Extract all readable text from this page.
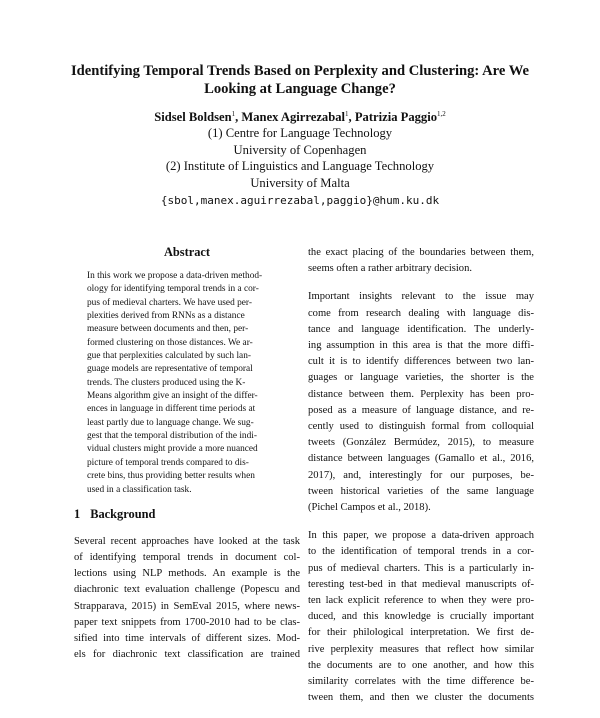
Identifying Temporal Trends Based on Perplexity and Clustering: Are We
Looking at Language Change?
Sidsel Boldsen$^1$, Manex Agirrezabal$^1$, Patrizia Paggio$^{1,2}$
(1) Centre for Language Technology
University of Copenhagen
(2) Institute of Linguistics and Language Technology
University of Malta
{sbol,manex.aguirrezabal,paggio}@hum.ku.dk
Abstract
In this work we propose a data-driven method-
ology for identifying temporal trends in a cor-
pus of medieval charters. We have used per-
plexities derived from RNNs as a distance
measure between documents and then, per-
formed clustering on those distances. We ar-
gue that perplexities calculated by such lan-
guage models are representative of temporal
trends. The clusters produced using the K-
Means algorithm give an insight of the differ-
ences in language in different time periods at
least partly due to language change. We sug-
gest that the temporal distribution of the indi-
vidual clusters might provide a more nuanced
picture of temporal trends compared to dis-
crete bins, thus providing better results when
used in a classification task.
1 Background
Several recent approaches have looked at the task
of identifying temporal trends in document col-
lections using NLP methods. An example is the
diachronic text evaluation challenge (Popescu and
Strapparava, 2015) in SemEval 2015, where news-
paper text snippets from 1700-2010 had to be clas-
sified into time intervals of different sizes. Mod-
els for diachronic text classification are trained
the exact placing of the boundaries between them,
seems often a rather arbitrary decision.
Important insights relevant to the issue may
come from research dealing with language dis-
tance and language identification. The underly-
ing assumption in this area is that the more diffi-
cult it is to identify differences between two lan-
guages or language varieties, the shorter is the
distance between them. Perplexity has been pro-
posed as a measure of language distance, and re-
cently used to distinguish formal from colloquial
tweets (González Bermúdez, 2015), to measure
distance between languages (Gamallo et al., 2016,
2017), and, interestingly for our purposes, be-
tween historical varieties of the same language
(Pichel Campos et al., 2018).
In this paper, we propose a data-driven approach
to the identification of temporal trends in a cor-
pus of medieval charters. This is a particularly in-
teresting test-bed in that medieval manuscripts of-
ten lack explicit reference to when they were pro-
duced, and this knowledge is crucially important
for their philological interpretation. We first de-
rive perplexity measures that reflect how similar
the documents are to one another, and how this
similarity correlates with the time difference be-
tween them, and then we cluster the documents
